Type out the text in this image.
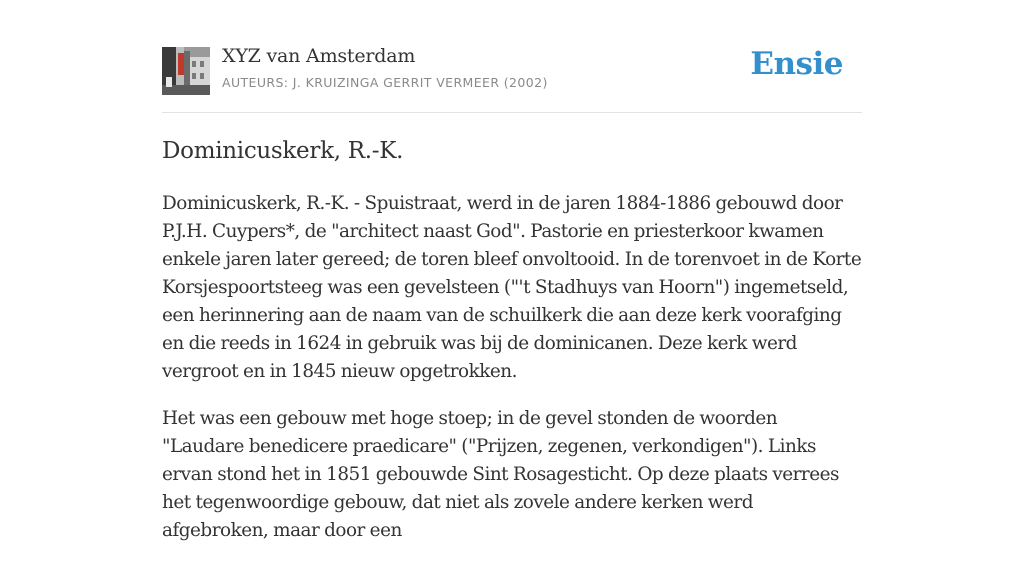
XYZ van Amsterdam
AUTEURS: J. KRUIZINGA GERRIT VERMEER (2002)
Ensie
Dominicuskerk, R.-K.

Dominicuskerk, R.-K. - Spuistraat, werd in de jaren 1884-1886 gebouwd door P.J.H. Cuypers*, de "architect naast God". Pastorie en priesterkoor kwamen enkele jaren later gereed; de toren bleef onvoltooid. In de torenvoet in de Korte Korsjespoortsteeg was een gevelsteen ("'t Stadhuys van Hoorn") ingemetseld, een herinnering aan de naam van de schuilkerk die aan deze kerk voorafging en die reeds in 1624 in gebruik was bij de dominicanen. Deze kerk werd vergroot en in 1845 nieuw opgetrokken.

Het was een gebouw met hoge stoep; in de gevel stonden de woorden "Laudare benedicere praedicare" ("Prijzen, zegenen, verkondigen"). Links ervan stond het in 1851 gebouwde Sint Rosagesticht. Op deze plaats verrees het tegenwoordige gebouw, dat niet als zovele andere kerken werd afgebroken, maar door een
